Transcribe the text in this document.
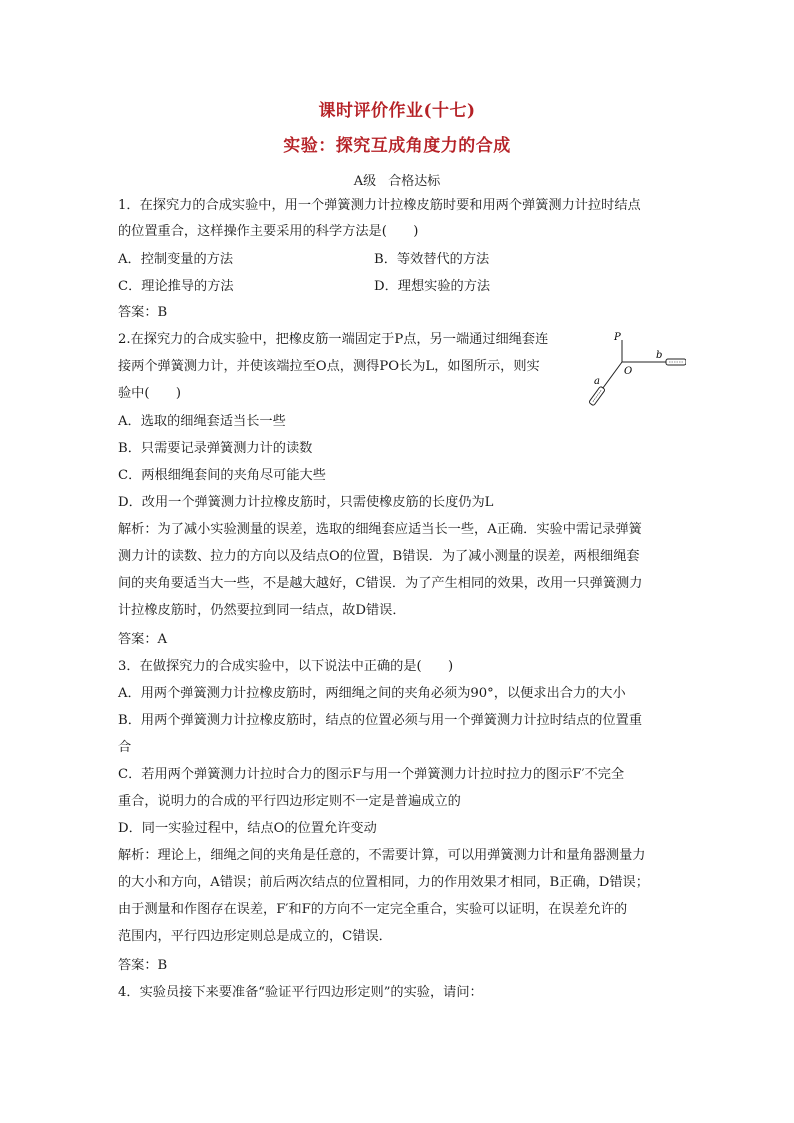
课时评价作业(十七)
实验：探究互成角度力的合成
A级 合格达标
1．在探究力的合成实验中，用一个弹簧测力计拉橡皮筋时要和用两个弹簧测力计拉时结点
的位置重合，这样操作主要采用的科学方法是(　　)
A．控制变量的方法	B．等效替代的方法
C．理论推导的方法	D．理想实验的方法
答案：B
2.在探究力的合成实验中，把橡皮筋一端固定于P点，另一端通过细绳套连
接两个弹簧测力计，并使该端拉至O点，测得PO长为L，如图所示，则实
验中(　　)
P
O
a
b
A．选取的细绳套适当长一些
B．只需要记录弹簧测力计的读数
C．两根细绳套间的夹角尽可能大些
D．改用一个弹簧测力计拉橡皮筋时，只需使橡皮筋的长度仍为L
解析：为了减小实验测量的误差，选取的细绳套应适当长一些，A正确．实验中需记录弹簧
测力计的读数、拉力的方向以及结点O的位置，B错误．为了减小测量的误差，两根细绳套
间的夹角要适当大一些，不是越大越好，C错误．为了产生相同的效果，改用一只弹簧测力
计拉橡皮筋时，仍然要拉到同一结点，故D错误．
答案：A
3．在做探究力的合成实验中，以下说法中正确的是(　　)
A．用两个弹簧测力计拉橡皮筋时，两细绳之间的夹角必须为90°，以便求出合力的大小
B．用两个弹簧测力计拉橡皮筋时，结点的位置必须与用一个弹簧测力计拉时结点的位置重
合
C．若用两个弹簧测力计拉时合力的图示F与用一个弹簧测力计拉时拉力的图示F′不完全
重合，说明力的合成的平行四边形定则不一定是普遍成立的
D．同一实验过程中，结点O的位置允许变动
解析：理论上，细绳之间的夹角是任意的，不需要计算，可以用弹簧测力计和量角器测量力
的大小和方向，A错误；前后两次结点的位置相同，力的作用效果才相同，B正确，D错误；
由于测量和作图存在误差，F′和F的方向不一定完全重合，实验可以证明，在误差允许的
范围内，平行四边形定则总是成立的，C错误．
答案：B
4．实验员接下来要准备“验证平行四边形定则”的实验，请问：
